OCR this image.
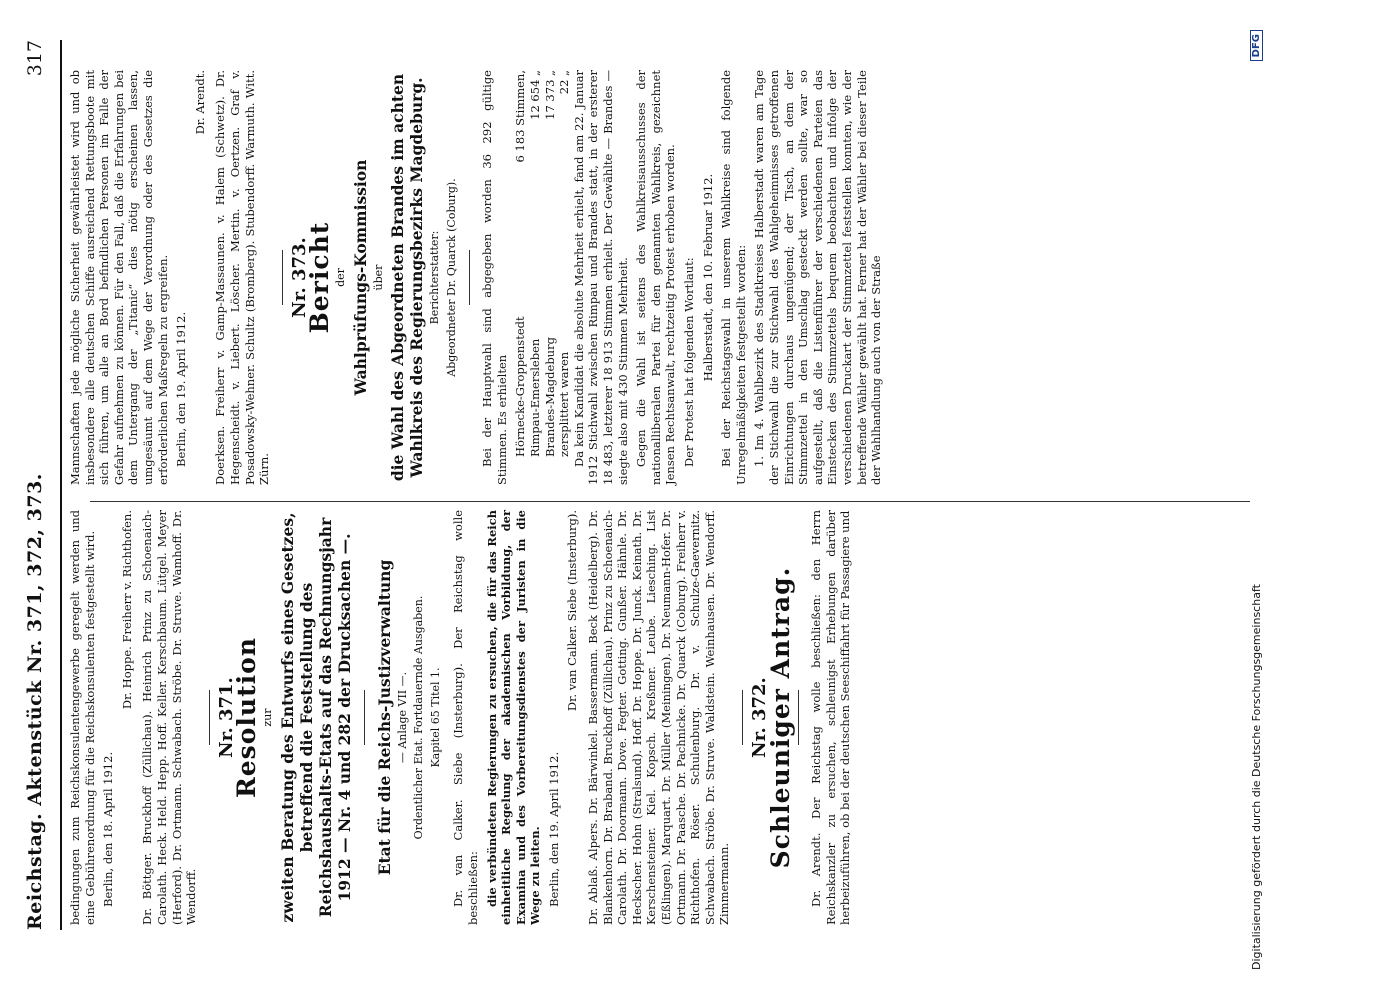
Reichstag. Aktenstück Nr. 371, 372, 373.
317

bedingungen zum Reichskonsulentengewerbe geregelt werden und eine Gebührenordnung für die Reichskonsulenten festgestellt wird. Berlin, den 18. April 1912.

Dr. Hoppe. Freiherr v. Richthofen. Dr. Böttger. Bruckhoff (Züllichau). Heinrich Prinz zu Schoenaich-Carolath. Heck. Held. Hepp. Hoff. Keller. Kerschbaum. Lütgel. Meyer (Herford). Dr. Ortmann. Schwabach. Ströbe. Dr. Struve. Wamhoff. Dr. Wendorff.

Nr. 371.
Resolution zur zweiten Beratung des Entwurfs eines Gesetzes, betreffend die Feststellung des Reichshaushalts-Etats auf das Rechnungsjahr 1912 — Nr. 4 und 282 der Drucksachen —. Etat für die Reichs-Justizverwaltung — Anlage VII —. Ordentlicher Etat. Fortdauernde Ausgaben. Kapitel 65 Titel 1. Dr. van Calker. Siebe (Insterburg). Der Reichstag wolle beschließen: die verbündeten Regierungen zu ersuchen, die für das Reich einheitliche Regelung der akademischen Vorbildung, der Examina und des Vorbereitungsdienstes der Juristen in die Wege zu leiten. Berlin, den 19. April 1912.

Dr. van Calker. Siebe (Insterburg). Dr. Ablaß. Alpers. Dr. Bärwinkel. Bassermann. Beck (Heidelberg). Dr. Blankenhorn. Dr. Braband. Bruckhoff (Züllichau). Prinz zu Schoenaich-Carolath. Dr. Doormann. Dove. Fegter. Gotting. Gunßer. Hähnle. Dr. Heckscher. Hohn (Stralsund). Hoff. Dr. Hoppe. Dr. Junck. Keinath. Dr. Kerschensteiner. Kiel. Kopsch. Kreßmer. Leube. Liesching. List (Eßlingen). Marquart. Dr. Müller (Meiningen). Dr. Neumann-Hofer. Dr. Ortmann. Dr. Paasche. Dr. Pachnicke. Dr. Quarck (Coburg). Freiherr v. Richthofen. Röser. Schulenburg. Dr. v. Schulze-Gaevernitz. Schwabach. Ströbe. Dr. Struve. Waldstein. Weinhausen. Dr. Wendorff. Zimmermann.

Nr. 372.
Schleuniger Antrag. Dr. Arendt. Der Reichstag wolle beschließen: den Herrn Reichskanzler zu ersuchen, schleunigst Erhebungen darüber herbeizuführen, ob bei der deutschen Seeschiffahrt für Passagiere und

Mannschaften jede mögliche Sicherheit gewährleistet wird und ob insbesondere alle deutschen Schiffe ausreichend Rettungsboote mit sich führen, um alle an Bord befindlichen Personen im Falle der Gefahr aufnehmen zu können. Für den Fall, daß die Erfahrungen bei dem Untergang der „Titanic“ dies nötig erscheinen lassen, umgesäumt auf dem Wege der Verordnung oder des Gesetzes die erforderlichen Maßregeln zu ergreifen. Berlin, den 19. April 1912.

Dr. Arendt. Doerksen. Freiherr v. Gamp-Massaunen. v. Halem (Schwetz). Dr. Hegenscheidt. v. Liebert. Löscher. Mertin. v. Oertzen. Graf v. Posadowsky-Wehner. Schultz (Bromberg). Stubendorff. Warmuth. Witt. Zürn.

Nr. 373.
Bericht der Wahlprüfungs-Kommission über die Wahl des Abgeordneten Brandes im achten Wahlkreis des Regierungsbezirks Magdeburg. Berichterstatter: Abgeordneter Dr. Quarck (Coburg). Bei der Hauptwahl sind abgegeben worden 36 292 gültige Stimmen. Es erhielten Hörnecke-Groppenstedt
6 183 Stimmen,
Rimpau-Emersleben
12 654 „
Brandes-Magdeburg
17 373 „
zersplittert waren
22 „ Da kein Kandidat die absolute Mehrheit erhielt, fand am 22. Januar 1912 Stichwahl zwischen Rimpau und Brandes statt, in der ersterer 18 483, letzterer 18 913 Stimmen erhielt. Der Gewählte — Brandes — siegte also mit 430 Stimmen Mehrheit. Gegen die Wahl ist seitens des Wahlkreisausschusses der nationalliberalen Partei für den genannten Wahlkreis, gezeichnet Jensen Rechtsanwalt, rechtzeitig Protest erhoben worden. Der Protest hat folgenden Wortlaut: Halberstadt, den 10. Februar 1912. Bei der Reichstagswahl in unserem Wahlkreise sind folgende Unregelmäßigkeiten festgestellt worden: 1. Im 4. Wahlbezirk des Stadtkreises Halberstadt waren am Tage der Stichwahl die zur Stichwahl des Wahlgeheimnisses getroffenen Einrichtungen durchaus ungenügend; der Tisch, an dem der Stimmzettel in den Umschlag gesteckt werden sollte, war so aufgestellt, daß die Listenführer der verschiedenen Parteien das Einstecken des Stimmzettels bequem beobachten und infolge der verschiedenen Druckart der Stimmzettel feststellen konnten, wie der betreffende Wähler gewählt hat. Ferner hat der Wähler bei dieser Teile der Wahlhandlung auch von der Straße

Digitalisierung gefördert durch die Deutsche Forschungsgemeinschaft
DFG
